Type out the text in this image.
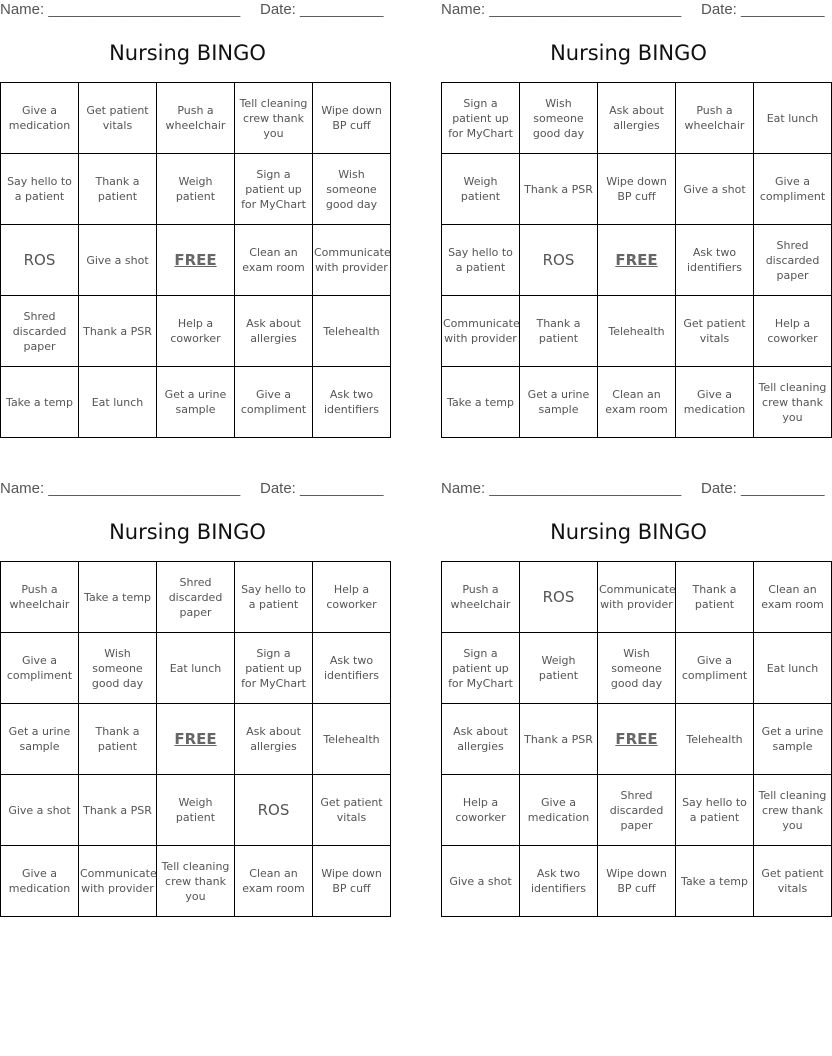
Name: _______________________ Date: __________
Nursing BINGO
Give a medication	Get patient vitals	Push a wheelchair	Tell cleaning crew thank you	Wipe down BP cuff
Say hello to a patient	Thank a patient	Weigh patient	Sign a patient up for MyChart	Wish someone good day
ROS	Give a shot	FREE	Clean an exam room	Communicate with provider
Shred discarded paper	Thank a PSR	Help a coworker	Ask about allergies	Telehealth
Take a temp	Eat lunch	Get a urine sample	Give a compliment	Ask two identifiers
Name: _______________________ Date: __________
Nursing BINGO
Sign a patient up for MyChart	Wish someone good day	Ask about allergies	Push a wheelchair	Eat lunch
Weigh patient	Thank a PSR	Wipe down BP cuff	Give a shot	Give a compliment
Say hello to a patient	ROS	FREE	Ask two identifiers	Shred discarded paper
Communicate with provider	Thank a patient	Telehealth	Get patient vitals	Help a coworker
Take a temp	Get a urine sample	Clean an exam room	Give a medication	Tell cleaning crew thank you
Name: _______________________ Date: __________
Nursing BINGO
Push a wheelchair	Take a temp	Shred discarded paper	Say hello to a patient	Help a coworker
Give a compliment	Wish someone good day	Eat lunch	Sign a patient up for MyChart	Ask two identifiers
Get a urine sample	Thank a patient	FREE	Ask about allergies	Telehealth
Give a shot	Thank a PSR	Weigh patient	ROS	Get patient vitals
Give a medication	Communicate with provider	Tell cleaning crew thank you	Clean an exam room	Wipe down BP cuff
Name: _______________________ Date: __________
Nursing BINGO
Push a wheelchair	ROS	Communicate with provider	Thank a patient	Clean an exam room
Sign a patient up for MyChart	Weigh patient	Wish someone good day	Give a compliment	Eat lunch
Ask about allergies	Thank a PSR	FREE	Telehealth	Get a urine sample
Help a coworker	Give a medication	Shred discarded paper	Say hello to a patient	Tell cleaning crew thank you
Give a shot	Ask two identifiers	Wipe down BP cuff	Take a temp	Get patient vitals
